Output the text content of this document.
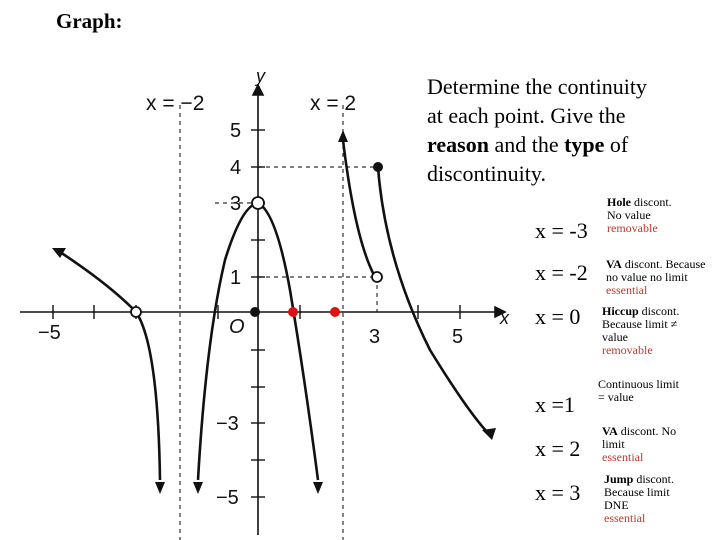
Graph:
x = −2	x = 2
y
x
O
−5	3	5
5
4
3
1
−3
−5
Determine the continuity
at each point. Give the
reason and the type of
discontinuity.
x = -3
Hole discont.
No value
removable
x = -2 VA discont. Because
no value no limit
essential
x = 0 Hiccup discont.
Because limit ≠
value
removable
x =1
Continuous limit
= value
x = 2
VA discont. No
limit
essential
x = 3
Jump discont.
Because limit
DNE
essential
